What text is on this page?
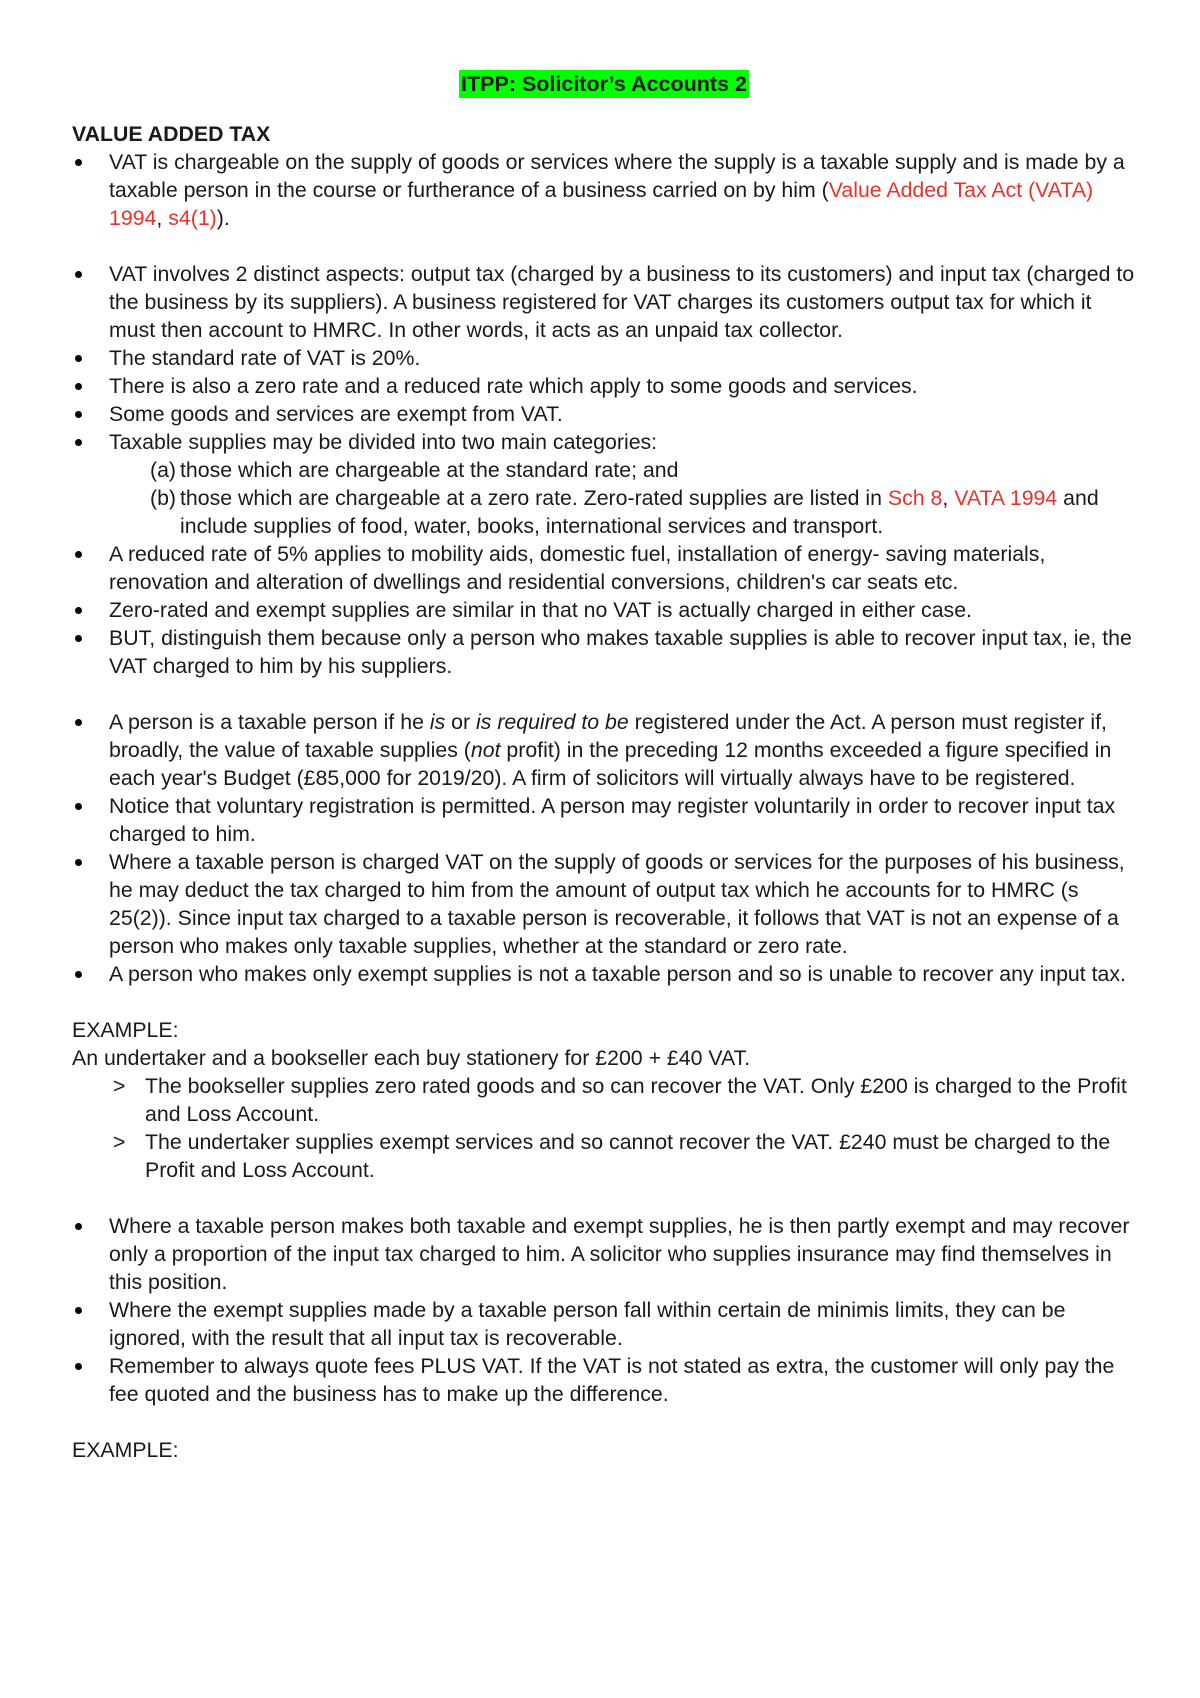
ITPP: Solicitor’s Accounts 2
VALUE ADDED TAX
VAT is chargeable on the supply of goods or services where the supply is a taxable supply and is made by a taxable person in the course or furtherance of a business carried on by him (Value Added Tax Act (VATA) 1994, s4(1)).
VAT involves 2 distinct aspects: output tax (charged by a business to its customers) and input tax (charged to the business by its suppliers). A business registered for VAT charges its customers output tax for which it must then account to HMRC. In other words, it acts as an unpaid tax collector.
The standard rate of VAT is 20%.
There is also a zero rate and a reduced rate which apply to some goods and services.
Some goods and services are exempt from VAT.
Taxable supplies may be divided into two main categories:
(a) those which are chargeable at the standard rate; and
(b) those which are chargeable at a zero rate. Zero-rated supplies are listed in Sch 8, VATA 1994 and include supplies of food, water, books, international services and transport.
A reduced rate of 5% applies to mobility aids, domestic fuel, installation of energy- saving materials, renovation and alteration of dwellings and residential conversions, children's car seats etc.
Zero-rated and exempt supplies are similar in that no VAT is actually charged in either case.
BUT, distinguish them because only a person who makes taxable supplies is able to recover input tax, ie, the VAT charged to him by his suppliers.
A person is a taxable person if he is or is required to be registered under the Act. A person must register if, broadly, the value of taxable supplies (not profit) in the preceding 12 months exceeded a figure specified in each year's Budget (£85,000 for 2019/20). A firm of solicitors will virtually always have to be registered.
Notice that voluntary registration is permitted. A person may register voluntarily in order to recover input tax charged to him.
Where a taxable person is charged VAT on the supply of goods or services for the purposes of his business, he may deduct the tax charged to him from the amount of output tax which he accounts for to HMRC (s 25(2)). Since input tax charged to a taxable person is recoverable, it follows that VAT is not an expense of a person who makes only taxable supplies, whether at the standard or zero rate.
A person who makes only exempt supplies is not a taxable person and so is unable to recover any input tax.

EXAMPLE:

An undertaker and a bookseller each buy stationery for £200 + £40 VAT.

> The bookseller supplies zero rated goods and so can recover the VAT. Only £200 is charged to the Profit and Loss Account.
> The undertaker supplies exempt services and so cannot recover the VAT. £240 must be charged to the Profit and Loss Account.
Where a taxable person makes both taxable and exempt supplies, he is then partly exempt and may recover only a proportion of the input tax charged to him. A solicitor who supplies insurance may find themselves in this position.
Where the exempt supplies made by a taxable person fall within certain de minimis limits, they can be ignored, with the result that all input tax is recoverable.
Remember to always quote fees PLUS VAT. If the VAT is not stated as extra, the customer will only pay the fee quoted and the business has to make up the difference.

EXAMPLE:
